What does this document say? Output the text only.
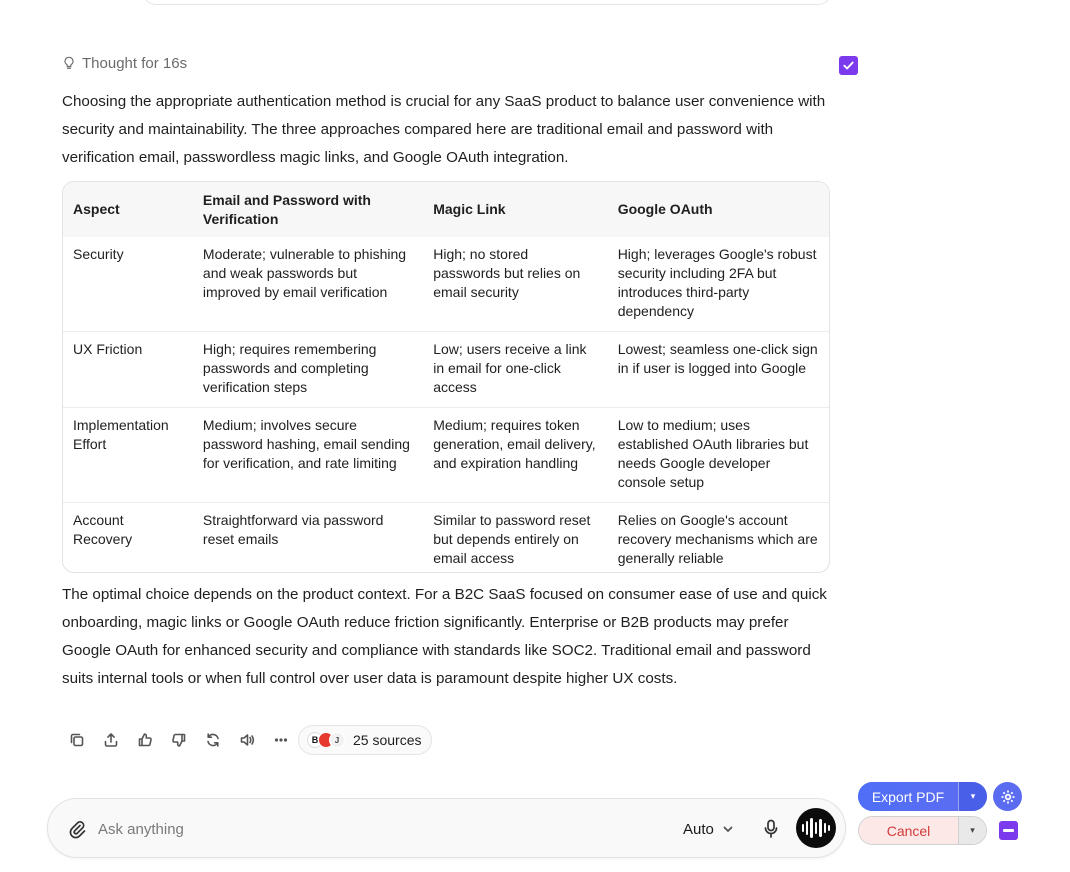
Thought for 16s

Choosing the appropriate authentication method is crucial for any SaaS product to balance user convenience with security and maintainability. The three approaches compared here are traditional email and password with verification email, passwordless magic links, and Google OAuth integration.

Aspect	Email and Password with Verification	Magic Link	Google OAuth
Security	Moderate; vulnerable to phishing and weak passwords but improved by email verification	High; no stored passwords but relies on email security	High; leverages Google's robust security including 2FA but introduces third-party dependency
UX Friction	High; requires remembering passwords and completing verification steps	Low; users receive a link in email for one-click access	Lowest; seamless one-click sign in if user is logged into Google
Implementation Effort	Medium; involves secure password hashing, email sending for verification, and rate limiting	Medium; requires token generation, email delivery, and expiration handling	Low to medium; uses established OAuth libraries but needs Google developer console setup
Account Recovery	Straightforward via password reset emails	Similar to password reset but depends entirely on email access	Relies on Google's account recovery mechanisms which are generally reliable

The optimal choice depends on the product context. For a B2C SaaS focused on consumer ease of use and quick onboarding, magic links or Google OAuth reduce friction significantly. Enterprise or B2B products may prefer Google OAuth for enhanced security and compliance with standards like SOC2. Traditional email and password suits internal tools or when full control over user data is paramount despite higher UX costs.

B	J 25 sources
Ask anything
Auto
Export PDF	▾
Cancel	▾
